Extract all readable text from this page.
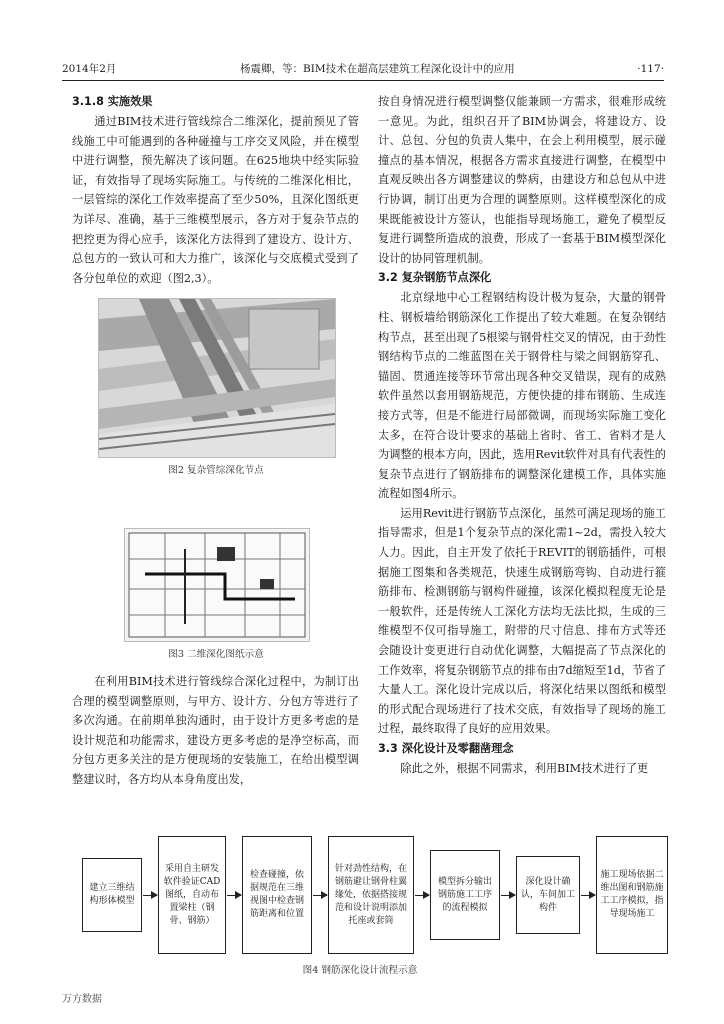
2014年2月	杨震卿，等：BIM技术在超高层建筑工程深化设计中的应用	·117·

3.1.8 实施效果

通过BIM技术进行管线综合二维深化，提前预见了管线施工中可能遇到的各种碰撞与工序交叉风险，并在模型中进行调整，预先解决了该问题。在625地块中经实际验证，有效指导了现场实际施工。与传统的二维深化相比，一层管综的深化工作效率提高了至少50%，且深化图纸更为详尽、准确，基于三维模型展示，各方对于复杂节点的把控更为得心应手，该深化方法得到了建设方、设计方、总包方的一致认可和大力推广，该深化与交底模式受到了各分包单位的欢迎（图2,3）。

图2 复杂管综深化节点
图3 二维深化图纸示意

在利用BIM技术进行管线综合深化过程中，为制订出合理的模型调整原则，与甲方、设计方、分包方等进行了多次沟通。在前期单独沟通时，由于设计方更多考虑的是设计规范和功能需求，建设方更多考虑的是净空标高，而分包方更多关注的是方便现场的安装施工，在给出模型调整建议时，各方均从本身角度出发，

按自身情况进行模型调整仅能兼顾一方需求，很难形成统一意见。为此，组织召开了BIM协调会，将建设方、设计、总包、分包的负责人集中，在会上利用模型，展示碰撞点的基本情况，根据各方需求直接进行调整，在模型中直观反映出各方调整建议的弊病，由建设方和总包从中进行协调，制订出更为合理的调整原则。这样模型深化的成果既能被设计方签认，也能指导现场施工，避免了模型反复进行调整所造成的浪费，形成了一套基于BIM模型深化设计的协同管理机制。

3.2 复杂钢筋节点深化

北京绿地中心工程钢结构设计极为复杂，大量的钢骨柱、钢板墙给钢筋深化工作提出了较大难题。在复杂钢结构节点，甚至出现了5根梁与钢骨柱交叉的情况，由于劲性钢结构节点的二维蓝图在关于钢骨柱与梁之间钢筋穿孔、锚固、贯通连接等环节常出现各种交叉错误，现有的成熟软件虽然以套用钢筋规范，方便快捷的排布钢筋、生成连接方式等，但是不能进行局部微调，而现场实际施工变化太多，在符合设计要求的基础上省时、省工、省料才是人为调整的根本方向，因此，选用Revit软件对具有代表性的复杂节点进行了钢筋排布的调整深化建模工作，具体实施流程如图4所示。

运用Revit进行钢筋节点深化，虽然可满足现场的施工指导需求，但是1个复杂节点的深化需1~2d，需投入较大人力。因此，自主开发了依托于REVIT的钢筋插件，可根据施工图集和各类规范，快速生成钢筋弯钩、自动进行箍筋排布、检测钢筋与钢构件碰撞，该深化模拟程度无论是一般软件，还是传统人工深化方法均无法比拟，生成的三维模型不仅可指导施工，附带的尺寸信息、排布方式等还会随设计变更进行自动优化调整，大幅提高了节点深化的工作效率，将复杂钢筋节点的排布由7d缩短至1d，节省了大量人工。深化设计完成以后，将深化结果以图纸和模型的形式配合现场进行了技术交底，有效指导了现场的施工过程，最终取得了良好的应用效果。

3.3 深化设计及零翻凿理念

除此之外，根据不同需求，利用BIM技术进行了更

建立三维结构形体模型
采用自主研发软件验证CAD图纸，自动布置梁柱（钢骨、钢筋）
检查碰撞，依据规范在三维视图中检查钢筋距离和位置
针对劲性结构，在钢筋避让钢骨柱翼缘处，依据搭接规范和设计说明添加托座或套筒
模型拆分输出钢筋施工工序的流程模拟
深化设计确认，车间加工构件
施工现场依据二维出图和钢筋施工工序模拟，指导现场施工
图4 钢筋深化设计流程示意
万方数据
